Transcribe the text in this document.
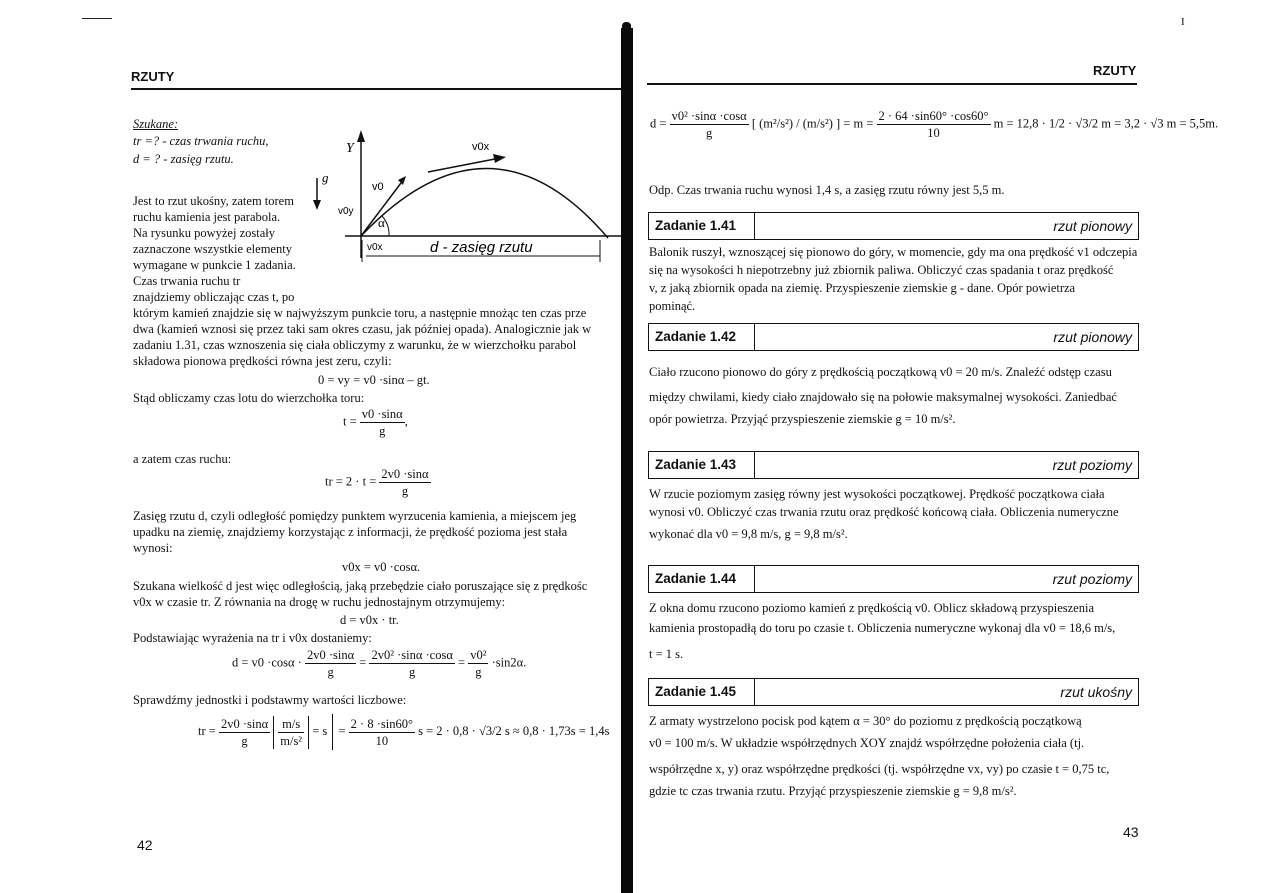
RZUTY
Szukane:
tr =? - czas trwania ruchu,
d = ? - zasięg rzutu.
Y
g
v0x
v0
v0y
α
v0x	d - zasięg rzutu
Jest to rzut ukośny, zatem torem
ruchu kamienia jest parabola.
Na rysunku powyżej zostały
zaznaczone wszystkie elementy
wymagane w punkcie 1 zadania.
Czas trwania ruchu tr
znajdziemy obliczając czas t, po
którym kamień znajdzie się w najwyższym punkcie toru, a następnie mnożąc ten czas prze
dwa (kamień wznosi się przez taki sam okres czasu, jak później opada). Analogicznie jak w
zadaniu 1.31, czas wznoszenia się ciała obliczymy z warunku, że w wierzchołku parabol
składowa pionowa prędkości równa jest zeru, czyli:
0 = vy = v0 ·sinα – gt.
Stąd obliczamy czas lotu do wierzchołka toru:
$t = \frac{v0 \cdot\sin\alpha}{g}$ ,
a zatem czas ruchu:
tr = $2 \cdot t = \frac{2v0 \cdot\sin\alpha}{g}$
Zasięg rzutu d, czyli odległość pomiędzy punktem wyrzucenia kamienia, a miejscem jeg
upadku na ziemię, znajdziemy korzystając z informacji, że prędkość pozioma jest stała
wynosi:
v0x = v0 ·cosα.
Szukana wielkość d jest więc odległością, jaką przebędzie ciało poruszające się z prędkośc
v0x w czasie tr. Z równania na drogę w ruchu jednostajnym otrzymujemy:
d = v0x · tr.
Podstawiając wyrażenia na tr i v0x dostaniemy:
$d = v0 \cdot\cos\alpha \cdot \frac{2v0 \cdot\sin\alpha}{g} = \frac{\text{2v0² ·sinα ·cosα}}{g} = \frac{\text{v0²}}{g} \cdot\sin 2\alpha$.
Sprawdźmy jednostki i podstawmy wartości liczbowe:
tr = $\frac{2v0 \cdot\sin\alpha}{g}$
$\frac{m/s}{\text{m/s²}} = s = \frac{2 \cdot 8 \cdot\sin 60^\circ}{10}$ s = 2 · 0,8 · √3/2 s ≈ 0,8 · 1,73s = 1,4s
42
I
RZUTY
$d = \frac{\text{v0² ·sinα ·cosα}}{g}$ [ (m²/s²) / (m/s²) ] = $m = \frac{2 \cdot 64 \cdot\sin 60^\circ \cdot\cos 60^\circ}{10}$ m = 12,8 · 1/2 · √3/2 m = 3,2 · √3 m = 5,5m.
Odp. Czas trwania ruchu wynosi 1,4 s, a zasięg rzutu równy jest 5,5 m.
Zadanie 1.41	rzut pionowy
Balonik ruszył, wznoszącej się pionowo do góry, w momencie, gdy ma ona prędkość v1 odczepia
się na wysokości h niepotrzebny już zbiornik paliwa. Obliczyć czas spadania t oraz prędkość
v, z jaką zbiornik opada na ziemię. Przyspieszenie ziemskie g - dane. Opór powietrza
pominąć.
Zadanie 1.42	rzut pionowy
Ciało rzucono pionowo do góry z prędkością początkową v0 = 20 m/s. Znaleźć odstęp czasu
między chwilami, kiedy ciało znajdowało się na połowie maksymalnej wysokości. Zaniedbać
opór powietrza. Przyjąć przyspieszenie ziemskie g = 10 m/s².
Zadanie 1.43	rzut poziomy
W rzucie poziomym zasięg równy jest wysokości początkowej. Prędkość początkowa ciała
wynosi v0. Obliczyć czas trwania rzutu oraz prędkość końcową ciała. Obliczenia numeryczne
wykonać dla v0 = 9,8 m/s, g = 9,8 m/s².
Zadanie 1.44	rzut poziomy
Z okna domu rzucono poziomo kamień z prędkością v0. Oblicz składową przyspieszenia
kamienia prostopadłą do toru po czasie t. Obliczenia numeryczne wykonaj dla v0 = 18,6 m/s,
t = 1 s.
Zadanie 1.45	rzut ukośny
Z armaty wystrzelono pocisk pod kątem α = 30° do poziomu z prędkością początkową
v0 = 100 m/s. W układzie współrzędnych XOY znajdź współrzędne położenia ciała (tj.
współrzędne x, y) oraz współrzędne prędkości (tj. współrzędne vx, vy) po czasie t = 0,75 tc,
gdzie tc czas trwania rzutu. Przyjąć przyspieszenie ziemskie g = 9,8 m/s².
43
